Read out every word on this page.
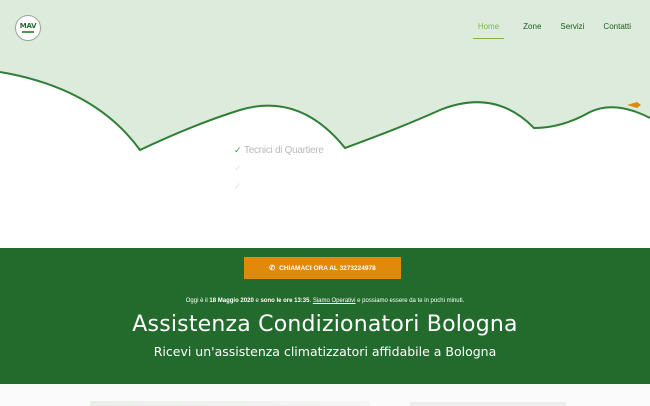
✓ Tecnici di Quartiere
✓
✓
MAV	Home	Zone Servizi Contatti
✆ CHIAMACI ORA AL 3273224978
Oggi è il 18 Maggio 2020 e sono le ore 13:35. Siamo Operativi e possiamo essere da te in pochi minuti.
Assistenza Condizionatori Bologna
Ricevi un'assistenza climatizzatori affidabile a Bologna
